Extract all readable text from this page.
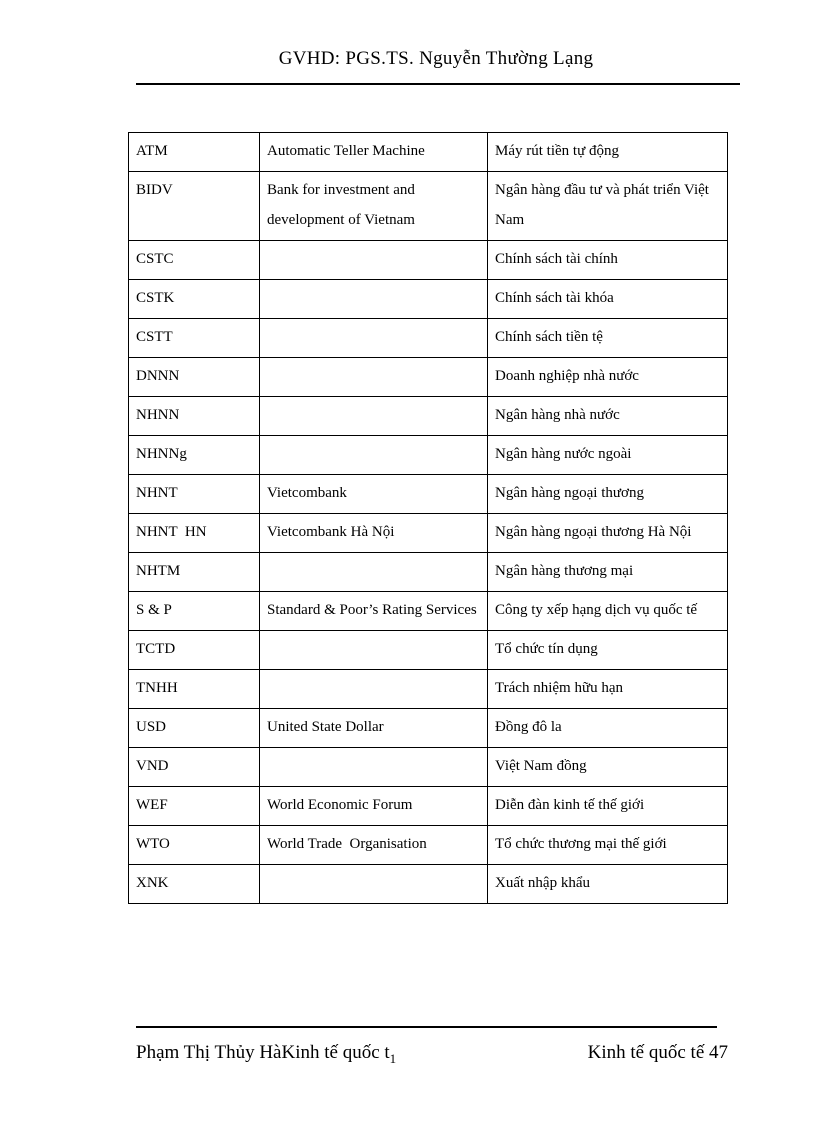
GVHD: PGS.TS. Nguyễn Thường Lạng
ATM	Automatic Teller Machine	Máy rút tiền tự động

BIDV	Bank for investment and development of Vietnam	Ngân hàng đầu tư và phát triển Việt Nam

CSTC		Chính sách tài chính

CSTK		Chính sách tài khóa

CSTT		Chính sách tiền tệ

DNNN		Doanh nghiệp nhà nước

NHNN		Ngân hàng nhà nước

NHNNg		Ngân hàng nước ngoài

NHNT	Vietcombank	Ngân hàng ngoại thương

NHNT  HN	Vietcombank Hà Nội	Ngân hàng ngoại thương Hà Nội

NHTM		Ngân hàng thương mại

S & P	Standard & Poor’s Rating Services	Công ty xếp hạng dịch vụ quốc tế

TCTD		Tổ chức tín dụng

TNHH		Trách nhiệm hữu hạn

USD	United State Dollar	Đồng đô la

VND		Việt Nam đồng

WEF	World Economic Forum	Diễn đàn kinh tế thế giới

WTO	World Trade  Organisation	Tổ chức thương mại thế giới

XNK		Xuất nhập khẩu
Phạm Thị Thủy HàKinh tế quốc $t_1$	Kinh tế quốc tế 47
